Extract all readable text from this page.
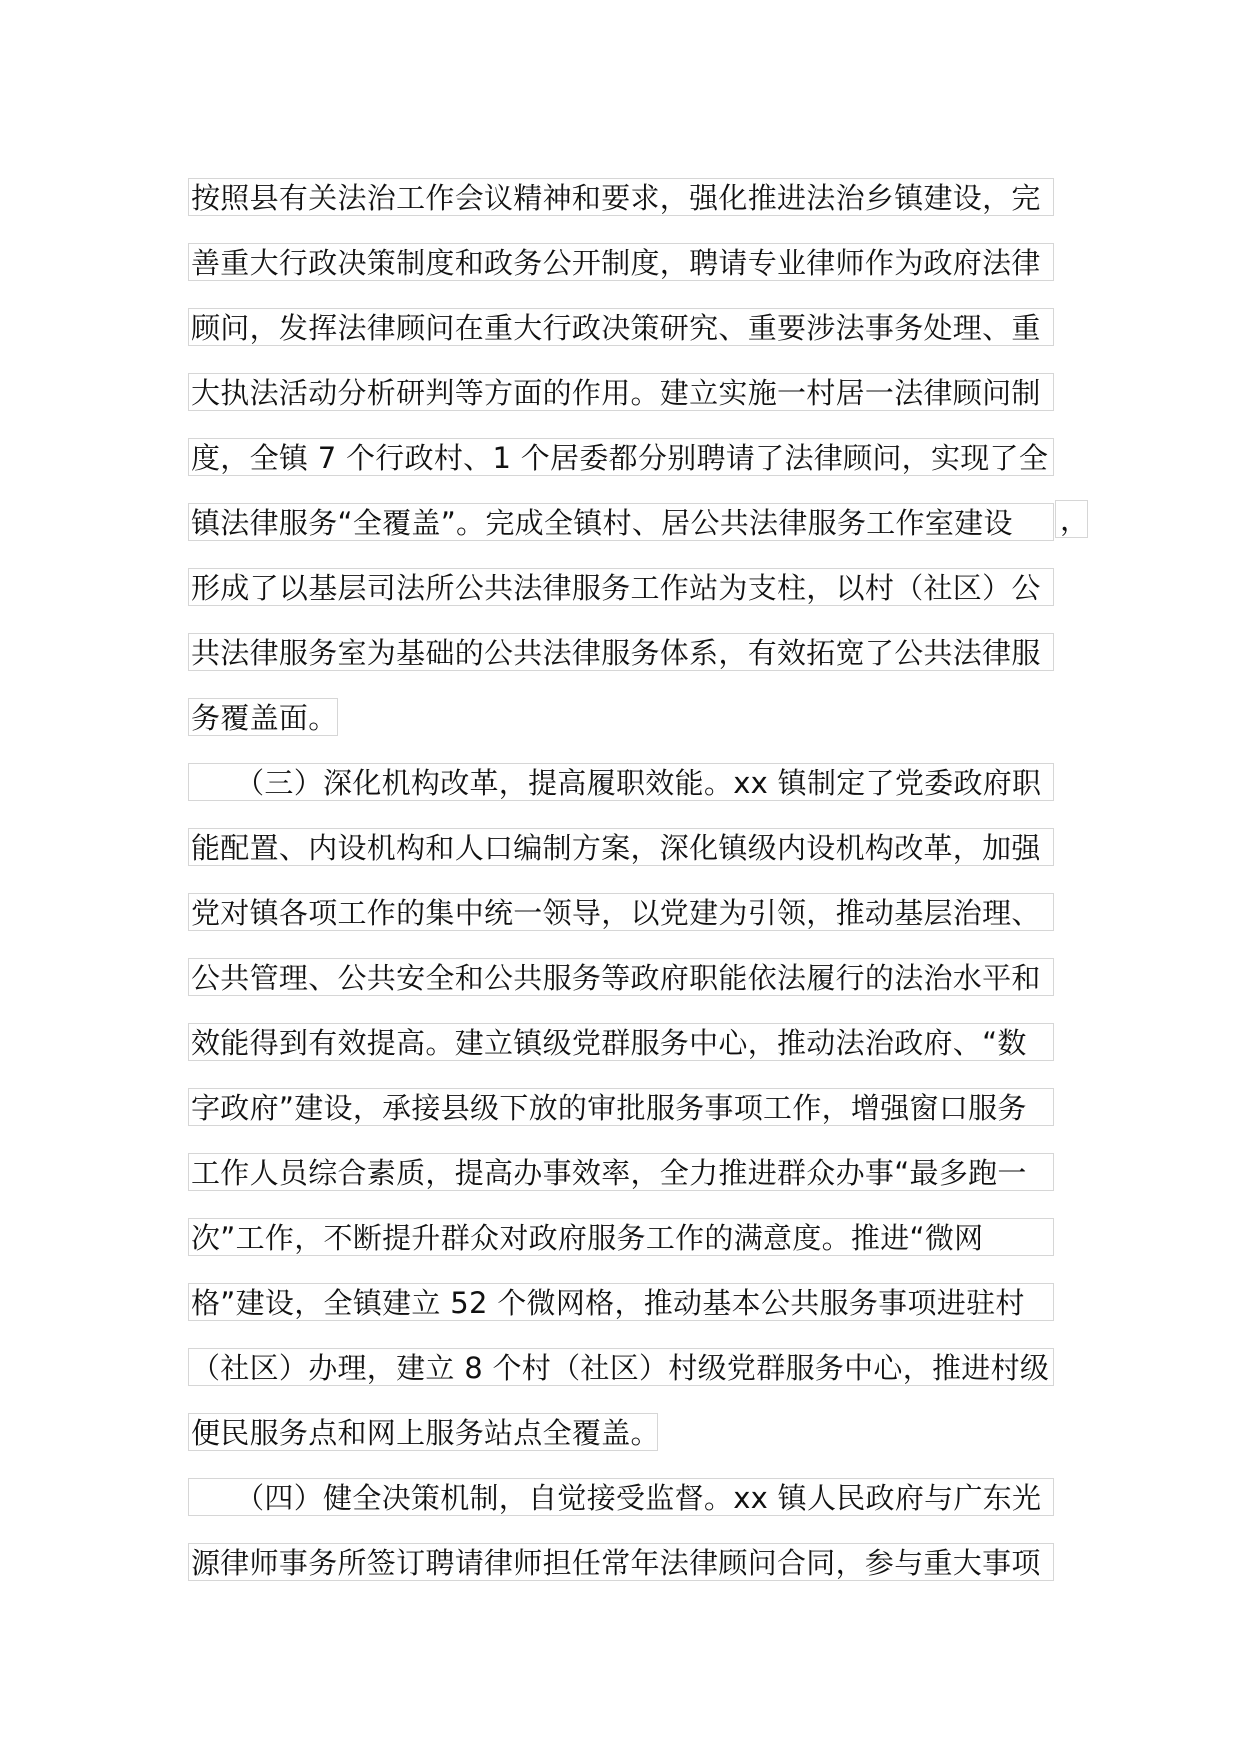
按照县有关法治工作会议精神和要求，强化推进法治乡镇建设，完
善重大行政决策制度和政务公开制度，聘请专业律师作为政府法律
顾问，发挥法律顾问在重大行政决策研究、重要涉法事务处理、重
大执法活动分析研判等方面的作用。建立实施一村居一法律顾问制
度，全镇 7 个行政村、1 个居委都分别聘请了法律顾问，实现了全
镇法律服务“全覆盖”。完成全镇村、居公共法律服务工作室建设	，
形成了以基层司法所公共法律服务工作站为支柱，以村（社区）公
共法律服务室为基础的公共法律服务体系，有效拓宽了公共法律服
务覆盖面。
　　（三）深化机构改革，提高履职效能。xx 镇制定了党委政府职
能配置、内设机构和人口编制方案，深化镇级内设机构改革，加强
党对镇各项工作的集中统一领导，以党建为引领，推动基层治理、
公共管理、公共安全和公共服务等政府职能依法履行的法治水平和
效能得到有效提高。建立镇级党群服务中心，推动法治政府、“数
字政府”建设，承接县级下放的审批服务事项工作，增强窗口服务
工作人员综合素质，提高办事效率，全力推进群众办事“最多跑一
次”工作，不断提升群众对政府服务工作的满意度。推进“微网
格”建设，全镇建立 52 个微网格，推动基本公共服务事项进驻村
（社区）办理，建立 8 个村（社区）村级党群服务中心，推进村级
便民服务点和网上服务站点全覆盖。
　　（四）健全决策机制，自觉接受监督。xx 镇人民政府与广东光
源律师事务所签订聘请律师担任常年法律顾问合同，参与重大事项
